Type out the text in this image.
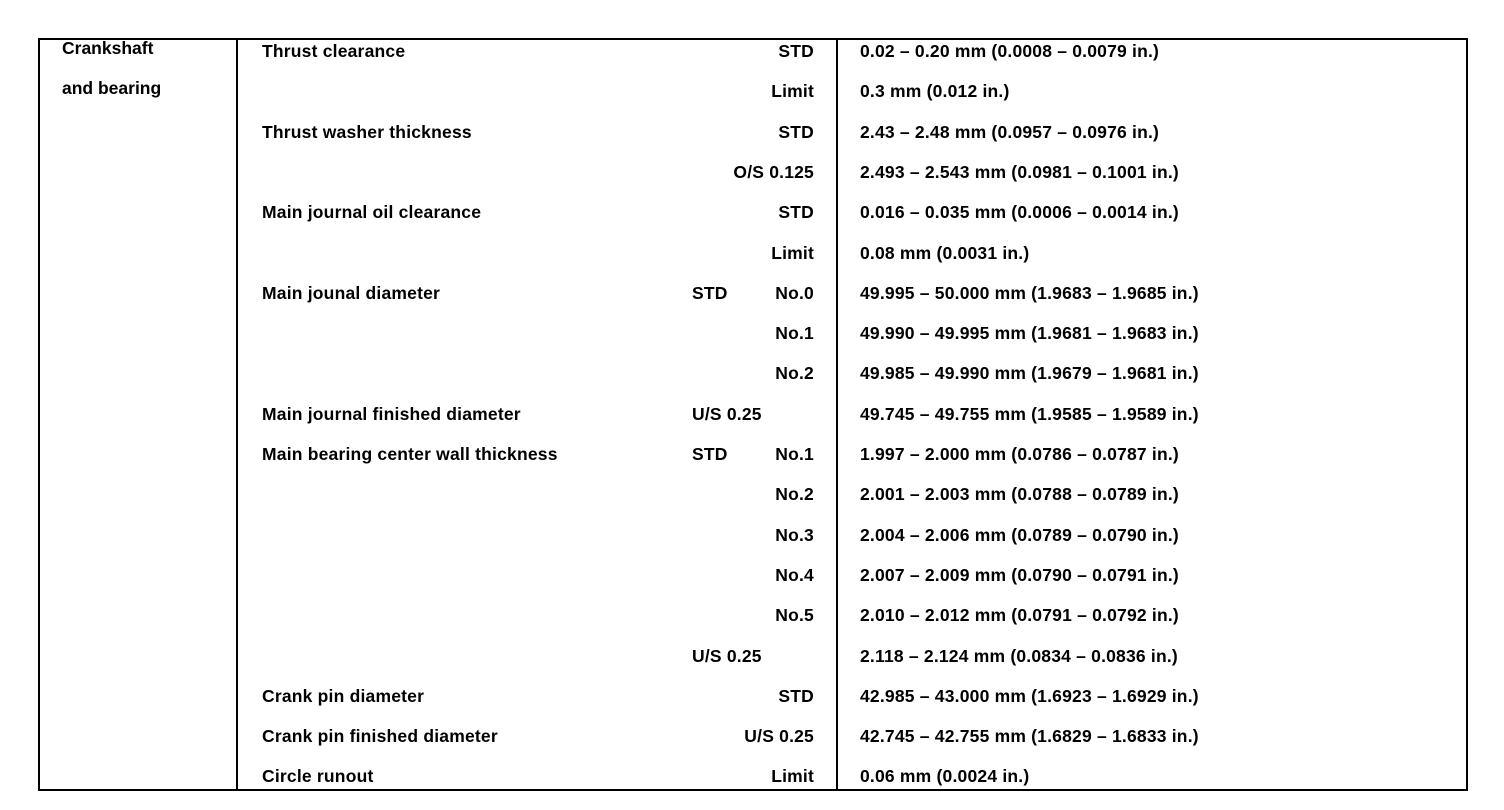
Crankshaft
and bearing
Thrust clearance	STD	0.02 – 0.20 mm (0.0008 – 0.0079 in.)
Limit	0.3 mm (0.012 in.)
Thrust washer thickness	STD	2.43 – 2.48 mm (0.0957 – 0.0976 in.)
O/S 0.125	2.493 – 2.543 mm (0.0981 – 0.1001 in.)
Main journal oil clearance	STD	0.016 – 0.035 mm (0.0006 – 0.0014 in.)
Limit	0.08 mm (0.0031 in.)
Main jounal diameter	STD	No.0	49.995 – 50.000 mm (1.9683 – 1.9685 in.)
No.1	49.990 – 49.995 mm (1.9681 – 1.9683 in.)
No.2	49.985 – 49.990 mm (1.9679 – 1.9681 in.)
Main journal finished diameter	U/S 0.25	49.745 – 49.755 mm (1.9585 – 1.9589 in.)
Main bearing center wall thickness	STD	No.1	1.997 – 2.000 mm (0.0786 – 0.0787 in.)
No.2	2.001 – 2.003 mm (0.0788 – 0.0789 in.)
No.3	2.004 – 2.006 mm (0.0789 – 0.0790 in.)
No.4	2.007 – 2.009 mm (0.0790 – 0.0791 in.)
No.5	2.010 – 2.012 mm (0.0791 – 0.0792 in.)
U/S 0.25	2.118 – 2.124 mm (0.0834 – 0.0836 in.)
Crank pin diameter	STD	42.985 – 43.000 mm (1.6923 – 1.6929 in.)
Crank pin finished diameter	U/S 0.25	42.745 – 42.755 mm (1.6829 – 1.6833 in.)
Circle runout	Limit	0.06 mm (0.0024 in.)
